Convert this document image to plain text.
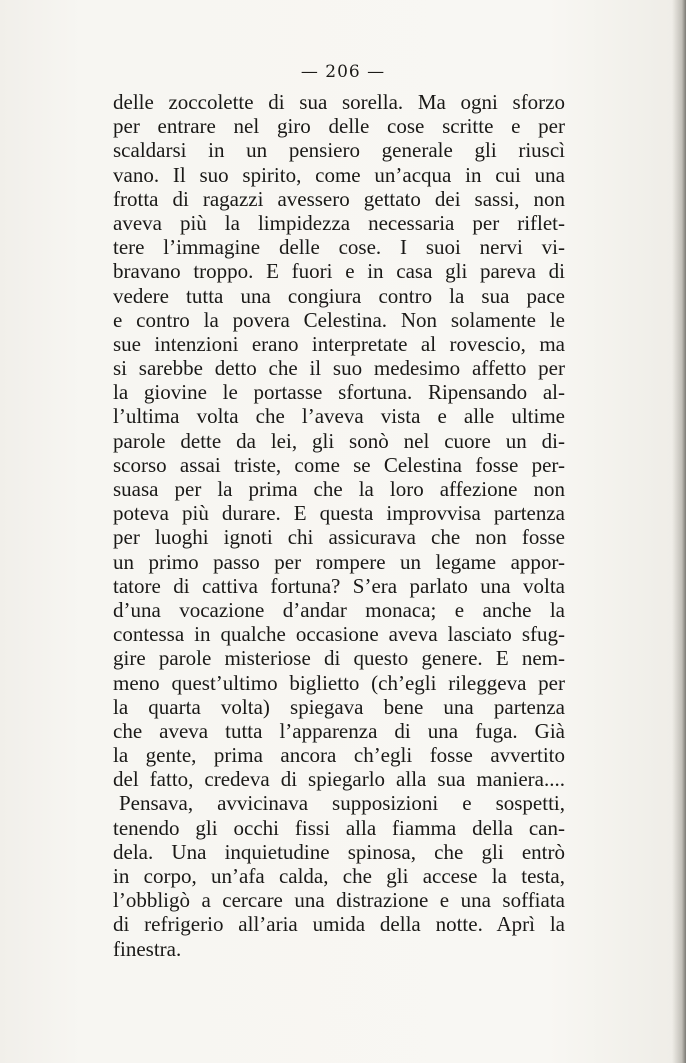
— 206 —
delle zoccolette di sua sorella. Ma ogni sforzo
per entrare nel giro delle cose scritte e per
scaldarsi in un pensiero generale gli riuscì
vano. Il suo spirito, come un’acqua in cui una
frotta di ragazzi avessero gettato dei sassi, non
aveva più la limpidezza necessaria per riflet-
tere l’immagine delle cose. I suoi nervi vi-
bravano troppo. E fuori e in casa gli pareva di
vedere tutta una congiura contro la sua pace
e contro la povera Celestina. Non solamente le
sue intenzioni erano interpretate al rovescio, ma
si sarebbe detto che il suo medesimo affetto per
la giovine le portasse sfortuna. Ripensando al-
l’ultima volta che l’aveva vista e alle ultime
parole dette da lei, gli sonò nel cuore un di-
scorso assai triste, come se Celestina fosse per-
suasa per la prima che la loro affezione non
poteva più durare. E questa improvvisa partenza
per luoghi ignoti chi assicurava che non fosse
un primo passo per rompere un legame appor-
tatore di cattiva fortuna? S’era parlato una volta
d’una vocazione d’andar monaca; e anche la
contessa in qualche occasione aveva lasciato sfug-
gire parole misteriose di questo genere. E nem-
meno quest’ultimo biglietto (ch’egli rileggeva per
la quarta volta) spiegava bene una partenza
che aveva tutta l’apparenza di una fuga. Già
la gente, prima ancora ch’egli fosse avvertito
del fatto, credeva di spiegarlo alla sua maniera....
Pensava, avvicinava supposizioni e sospetti,
tenendo gli occhi fissi alla fiamma della can-
dela. Una inquietudine spinosa, che gli entrò
in corpo, un’afa calda, che gli accese la testa,
l’obbligò a cercare una distrazione e una soffiata
di refrigerio all’aria umida della notte. Aprì la
finestra.
